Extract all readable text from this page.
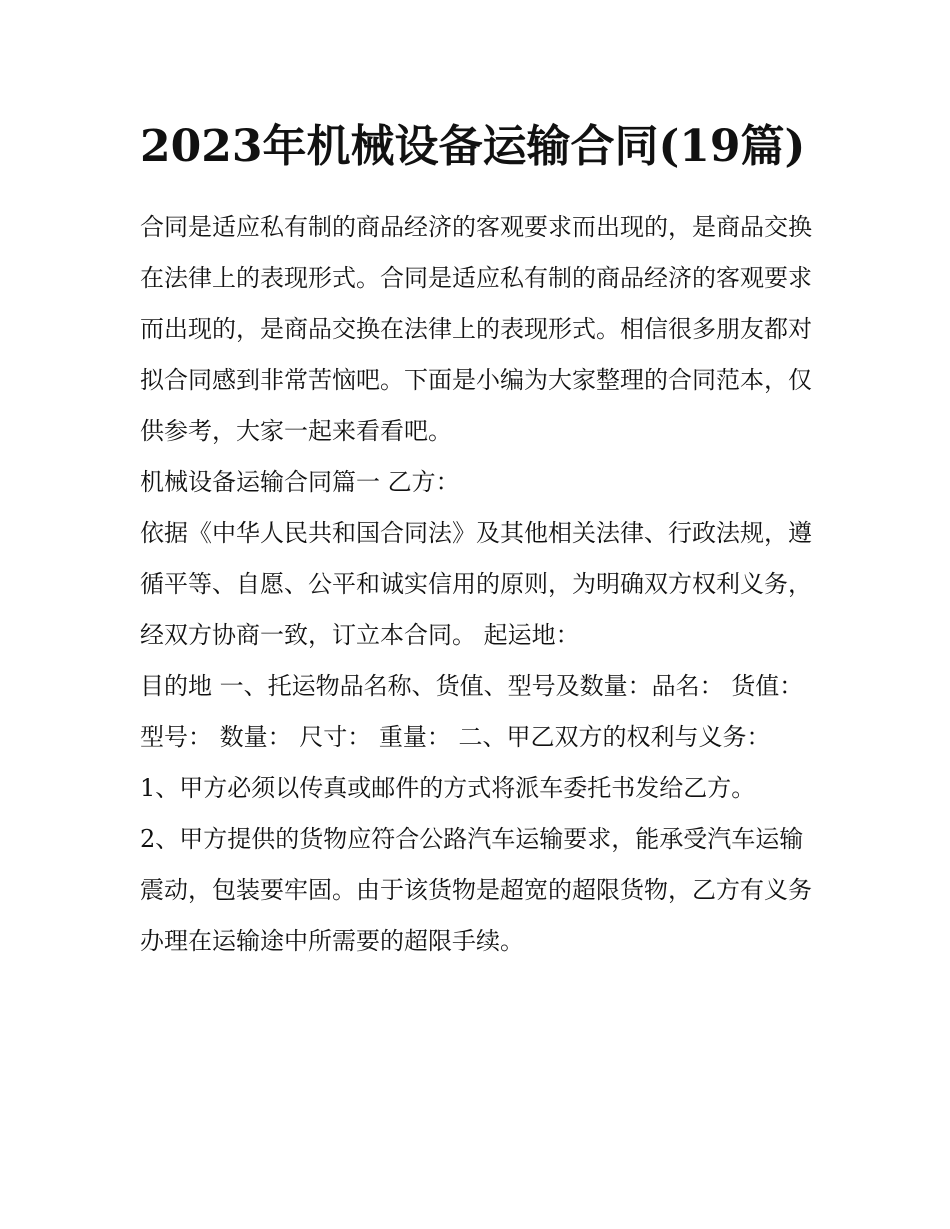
2023年机械设备运输合同(19篇)

合同是适应私有制的商品经济的客观要求而出现的，是商品交换在法律上的表现形式。合同是适应私有制的商品经济的客观要求而出现的，是商品交换在法律上的表现形式。相信很多朋友都对拟合同感到非常苦恼吧。下面是小编为大家整理的合同范本，仅供参考，大家一起来看看吧。

机械设备运输合同篇一 乙方：

依据《中华人民共和国合同法》及其他相关法律、行政法规，遵循平等、自愿、公平和诚实信用的原则，为明确双方权利义务，经双方协商一致，订立本合同。 起运地：

目的地 一、托运物品名称、货值、型号及数量：品名： 货值： 型号： 数量： 尺寸： 重量： 二、甲乙双方的权利与义务：

1、甲方必须以传真或邮件的方式将派车委托书发给乙方。

2、甲方提供的货物应符合公路汽车运输要求，能承受汽车运输震动，包装要牢固。由于该货物是超宽的超限货物，乙方有义务办理在运输途中所需要的超限手续。
